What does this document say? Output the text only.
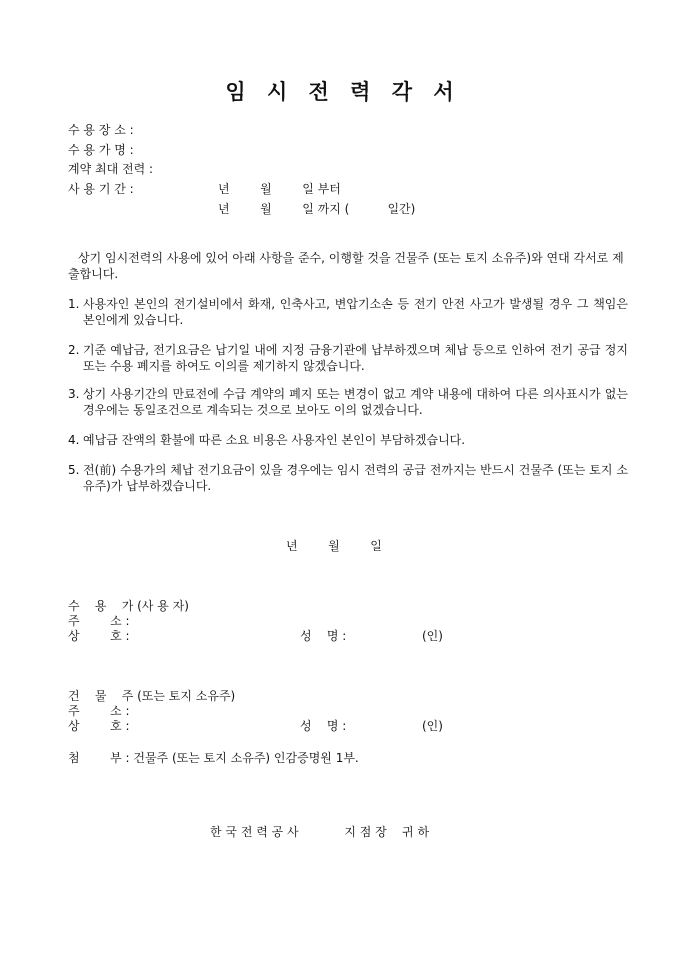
임 시 전 력 각 서
수 용 장 소 :
수 용 가 명 :
계약 최대 전력 :
사 용 기 간 :	년        월        일 부터
년        월        일 까지 (          일간)
상기 임시전력의 사용에 있어 아래 사항을 준수, 이행할 것을 건물주 (또는 토지 소유주)와 연대 각서로 제출합니다.
1. 사용자인 본인의 전기설비에서 화재, 인축사고, 변압기소손 등 전기 안전 사고가 발생될 경우 그 책임은 본인에게 있습니다.
2. 기준 예납금, 전기요금은 납기일 내에 지정 금융기관에 납부하겠으며 체납 등으로 인하여 전기 공급 정지 또는 수용 폐지를 하여도 이의를 제기하지 않겠습니다.
3. 상기 사용기간의 만료전에 수급 계약의 폐지 또는 변경이 없고 계약 내용에 대하여 다른 의사표시가 없는 경우에는 동일조건으로 계속되는 것으로 보아도 이의 없겠습니다.
4. 예납금 잔액의 환불에 따른 소요 비용은 사용자인 본인이 부담하겠습니다.
5. 전(前) 수용가의 체납 전기요금이 있을 경우에는 임시 전력의 공급 전까지는 반드시 건물주 (또는 토지 소유주)가 납부하겠습니다.
년        월        일
수    용    가 (사 용 자)
주        소 :
상        호 :	성    명 :	(인)
건    물    주 (또는 토지 소유주)
주        소 :
상        호 :	성    명 :	(인)
첨        부 : 건물주 (또는 토지 소유주) 인감증명원 1부.
한 국 전 력 공 사            지 점 장    귀 하
